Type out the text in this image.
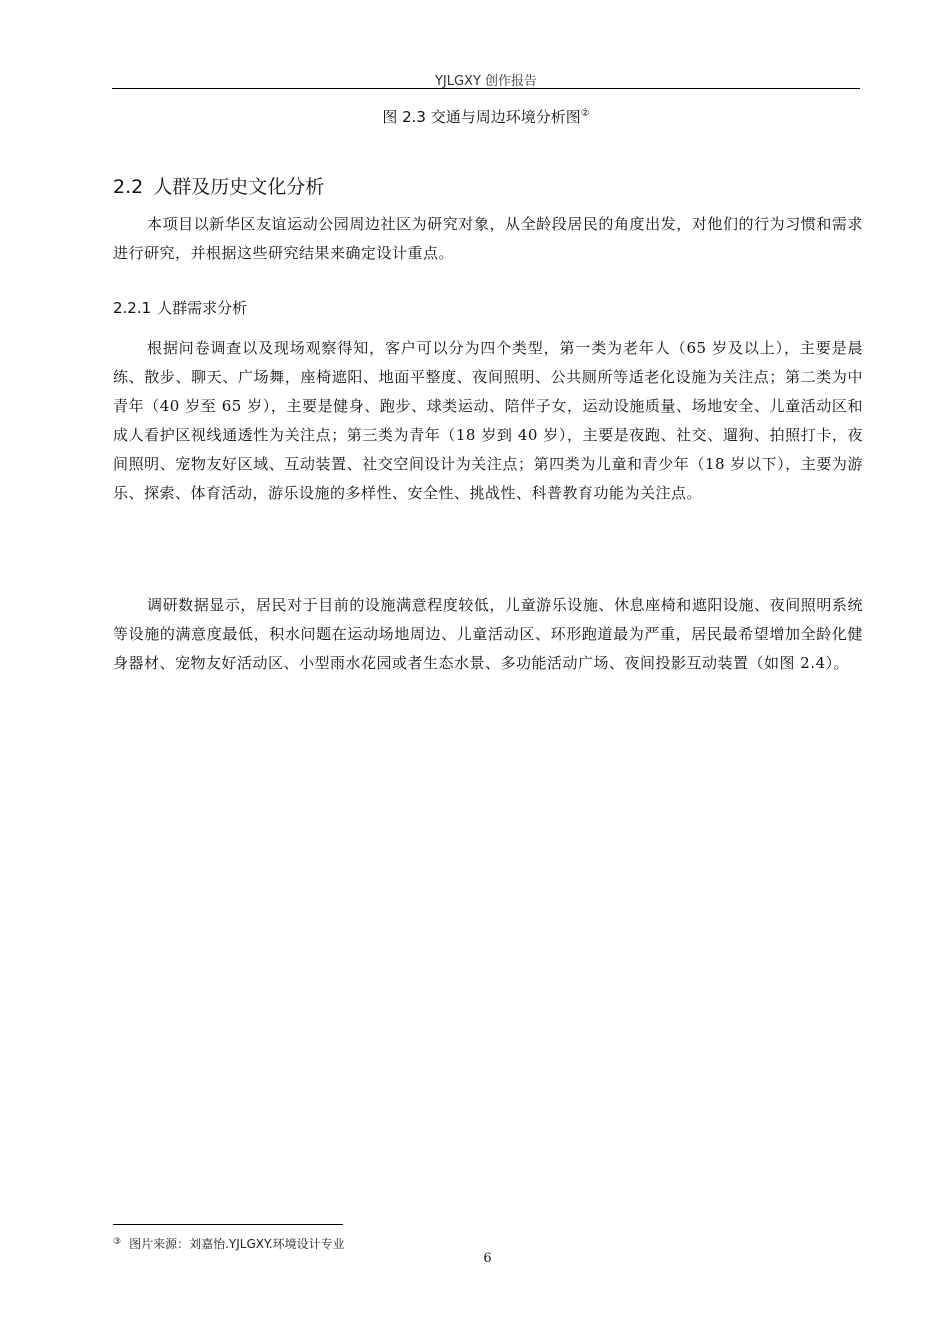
YJLGXY 创作报告
图 2.3 交通与周边环境分析图②
2.2 人群及历史文化分析

本项目以新华区友谊运动公园周边社区为研究对象，从全龄段居民的角度出发，对他们的行为习惯和需求进行研究，并根据这些研究结果来确定设计重点。

2.2.1 人群需求分析

根据问卷调查以及现场观察得知，客户可以分为四个类型，第一类为老年人（65 岁及以上），主要是晨练、散步、聊天、广场舞，座椅遮阳、地面平整度、夜间照明、公共厕所等适老化设施为关注点；第二类为中青年（40 岁至 65 岁），主要是健身、跑步、球类运动、陪伴子女，运动设施质量、场地安全、儿童活动区和成人看护区视线通透性为关注点；第三类为青年（18 岁到 40 岁），主要是夜跑、社交、遛狗、拍照打卡，夜间照明、宠物友好区域、互动装置、社交空间设计为关注点；第四类为儿童和青少年（18 岁以下），主要为游乐、探索、体育活动，游乐设施的多样性、安全性、挑战性、科普教育功能为关注点。

调研数据显示，居民对于目前的设施满意程度较低，儿童游乐设施、休息座椅和遮阳设施、夜间照明系统等设施的满意度最低，积水问题在运动场地周边、儿童活动区、环形跑道最为严重，居民最希望增加全龄化健身器材、宠物友好活动区、小型雨水花园或者生态水景、多功能活动广场、夜间投影互动装置（如图 2.4）。

③ 图片来源：刘嘉怡.YJLGXY.环境设计专业
6
